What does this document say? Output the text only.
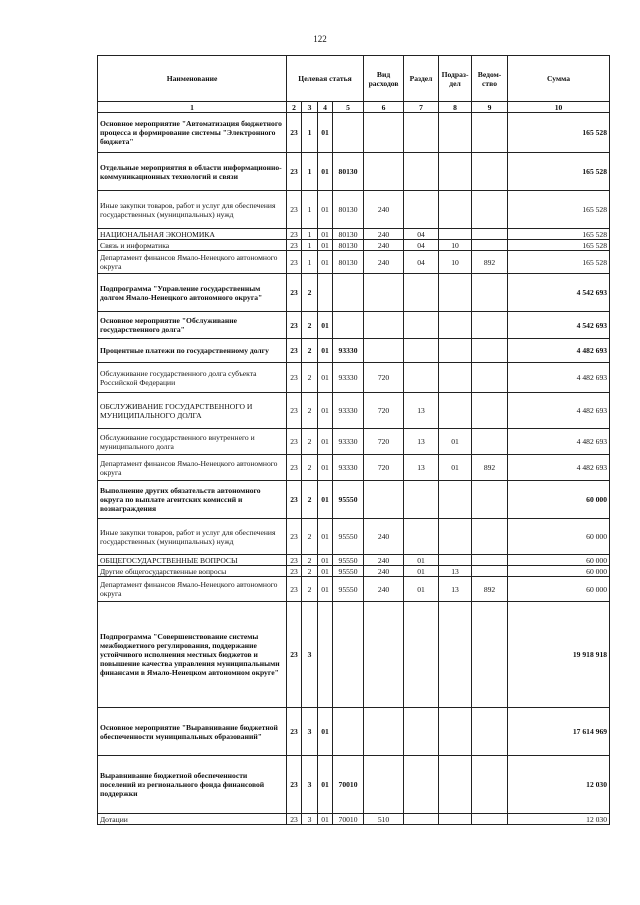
122
Наименование	Целевая статья				Вид расходов	Раздел	Подраз-дел	Ведом-ство	Сумма
1	2	3	4	5	6	7	8	9	10
Основное мероприятие "Автоматизация бюджетного процесса и формирование системы "Электронного бюджета"	23	1	01						165 528
Отдельные мероприятия в области информационно-коммуникационных технологий и связи	23	1	01	80130					165 528
Иные закупки товаров, работ и услуг для обеспечения государственных (муниципальных) нужд	23	1	01	80130	240				165 528
НАЦИОНАЛЬНАЯ ЭКОНОМИКА	23	1	01	80130	240	04			165 528
Связь и информатика	23	1	01	80130	240	04	10		165 528
Департамент финансов Ямало-Ненецкого автономного округа	23	1	01	80130	240	04	10	892	165 528
Подпрограмма "Управление государственным долгом Ямало-Ненецкого автономного округа"	23	2							4 542 693
Основное мероприятие "Обслуживание государственного долга"	23	2	01						4 542 693
Процентные платежи по государственному долгу	23	2	01	93330					4 482 693
Обслуживание государственного долга субъекта Российской Федерации	23	2	01	93330	720				4 482 693
ОБСЛУЖИВАНИЕ ГОСУДАРСТВЕННОГО И МУНИЦИПАЛЬНОГО ДОЛГА	23	2	01	93330	720	13			4 482 693
Обслуживание государственного внутреннего и муниципального долга	23	2	01	93330	720	13	01		4 482 693
Департамент финансов Ямало-Ненецкого автономного округа	23	2	01	93330	720	13	01	892	4 482 693
Выполнение других обязательств автономного округа по выплате агентских комиссий и вознаграждения	23	2	01	95550					60 000
Иные закупки товаров, работ и услуг для обеспечения государственных (муниципальных) нужд	23	2	01	95550	240				60 000
ОБЩЕГОСУДАРСТВЕННЫЕ ВОПРОСЫ	23	2	01	95550	240	01			60 000
Другие общегосударственные вопросы	23	2	01	95550	240	01	13		60 000
Департамент финансов Ямало-Ненецкого автономного округа	23	2	01	95550	240	01	13	892	60 000
Подпрограмма "Совершенствование системы межбюджетного регулирования, поддержание устойчивого исполнения местных бюджетов и повышение качества управления муниципальными финансами в Ямало-Ненецком автономном округе"	23	3							19 918 918
Основное мероприятие "Выравнивание бюджетной обеспеченности муниципальных образований"	23	3	01						17 614 969
Выравнивание бюджетной обеспеченности поселений из регионального фонда финансовой поддержки	23	3	01	70010					12 030
Дотации	23	3	01	70010	510				12 030
